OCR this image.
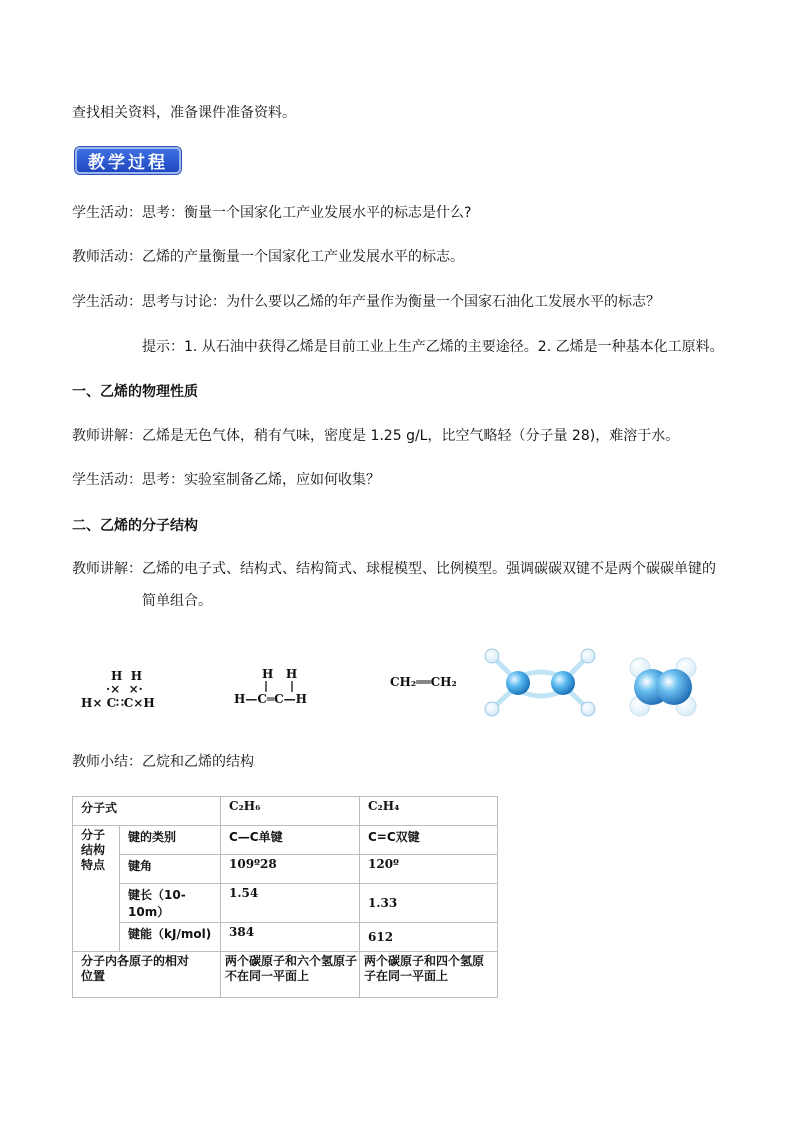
查找相关资料，准备课件准备资料。
教学过程
学生活动：思考：衡量一个国家化工产业发展水平的标志是什么?
教师活动：乙烯的产量衡量一个国家化工产业发展水平的标志。
学生活动：思考与讨论：为什么要以乙烯的年产量作为衡量一个国家石油化工发展水平的标志？
提示：1. 从石油中获得乙烯是目前工业上生产乙烯的主要途径。2. 乙烯是一种基本化工原料。
一、乙烯的物理性质
教师讲解：乙烯是无色气体，稍有气味，密度是 1.25 g/L，比空气略轻（分子量 28)，难溶于水。
学生活动：思考：实验室制备乙烯，应如何收集？
二、乙烯的分子结构
教师讲解：乙烯的电子式、结构式、结构简式、球棍模型、比例模型。强调碳碳双键不是两个碳碳单键的
简单组合。
H  H
·×  ×·
H× C∷C×H
H   H
H—C═C—H
CH₂══CH₂
教师小结：乙烷和乙烯的结构
分子式		C₂H₆	C₂H₄
分子结构特点	键的类别	C—C单键	C=C双键
	键角	109º28	120º
	键长（10-10m）	1.54	1.33
	键能（kJ/mol)	384	612
分子内各原子的相对位置		两个碳原子和六个氢原子不在同一平面上	两个碳原子和四个氢原子在同一平面上
